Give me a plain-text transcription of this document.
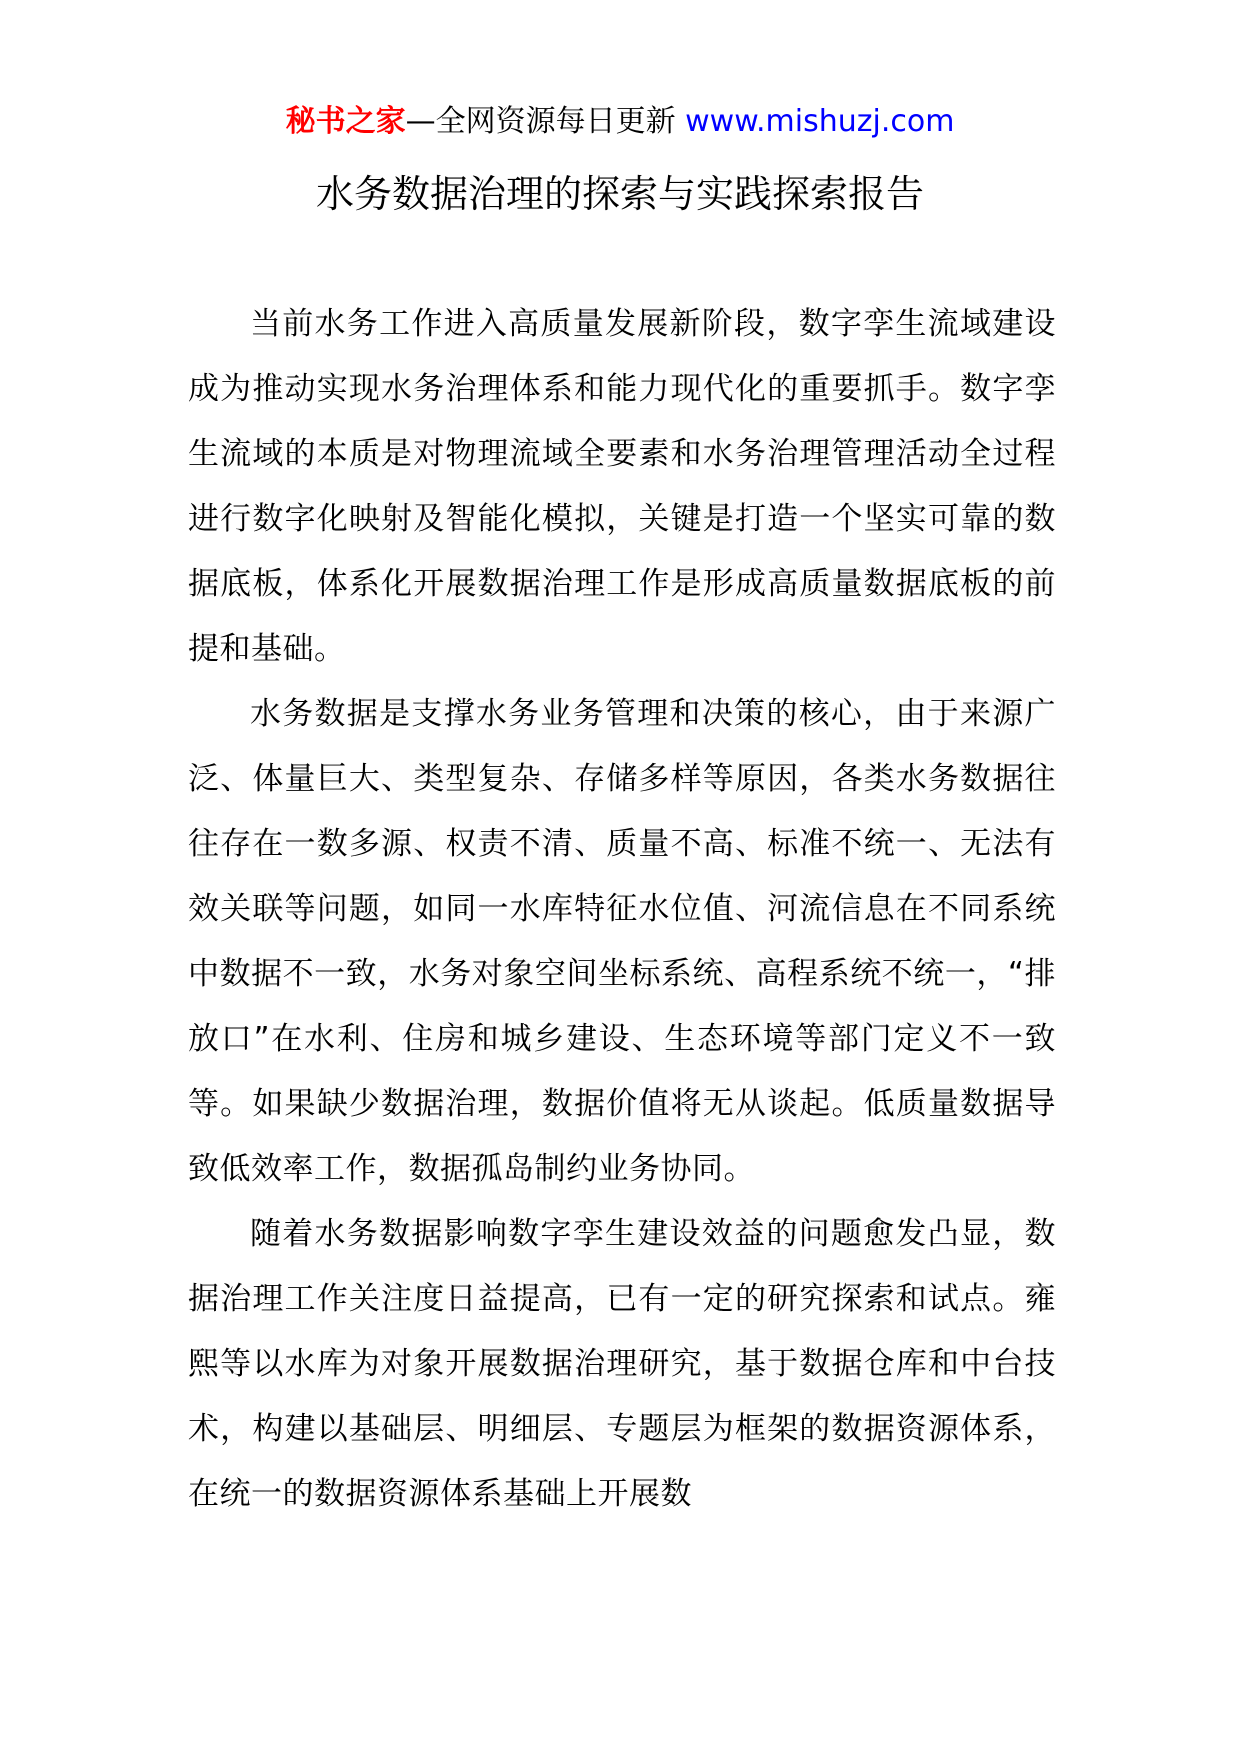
秘书之家—全网资源每日更新 www.mishuzj.com
水务数据治理的探索与实践探索报告

当前水务工作进入高质量发展新阶段，数字孪生流域建设成为推动实现水务治理体系和能力现代化的重要抓手。数字孪生流域的本质是对物理流域全要素和水务治理管理活动全过程进行数字化映射及智能化模拟，关键是打造一个坚实可靠的数据底板，体系化开展数据治理工作是形成高质量数据底板的前提和基础。

水务数据是支撑水务业务管理和决策的核心，由于来源广泛、体量巨大、类型复杂、存储多样等原因，各类水务数据往往存在一数多源、权责不清、质量不高、标准不统一、无法有效关联等问题，如同一水库特征水位值、河流信息在不同系统中数据不一致，水务对象空间坐标系统、高程系统不统一，“排放口”在水利、住房和城乡建设、生态环境等部门定义不一致等。如果缺少数据治理，数据价值将无从谈起。低质量数据导致低效率工作，数据孤岛制约业务协同。

随着水务数据影响数字孪生建设效益的问题愈发凸显，数据治理工作关注度日益提高，已有一定的研究探索和试点。雍熙等以水库为对象开展数据治理研究，基于数据仓库和中台技术，构建以基础层、明细层、专题层为框架的数据资源体系，在统一的数据资源体系基础上开展数
